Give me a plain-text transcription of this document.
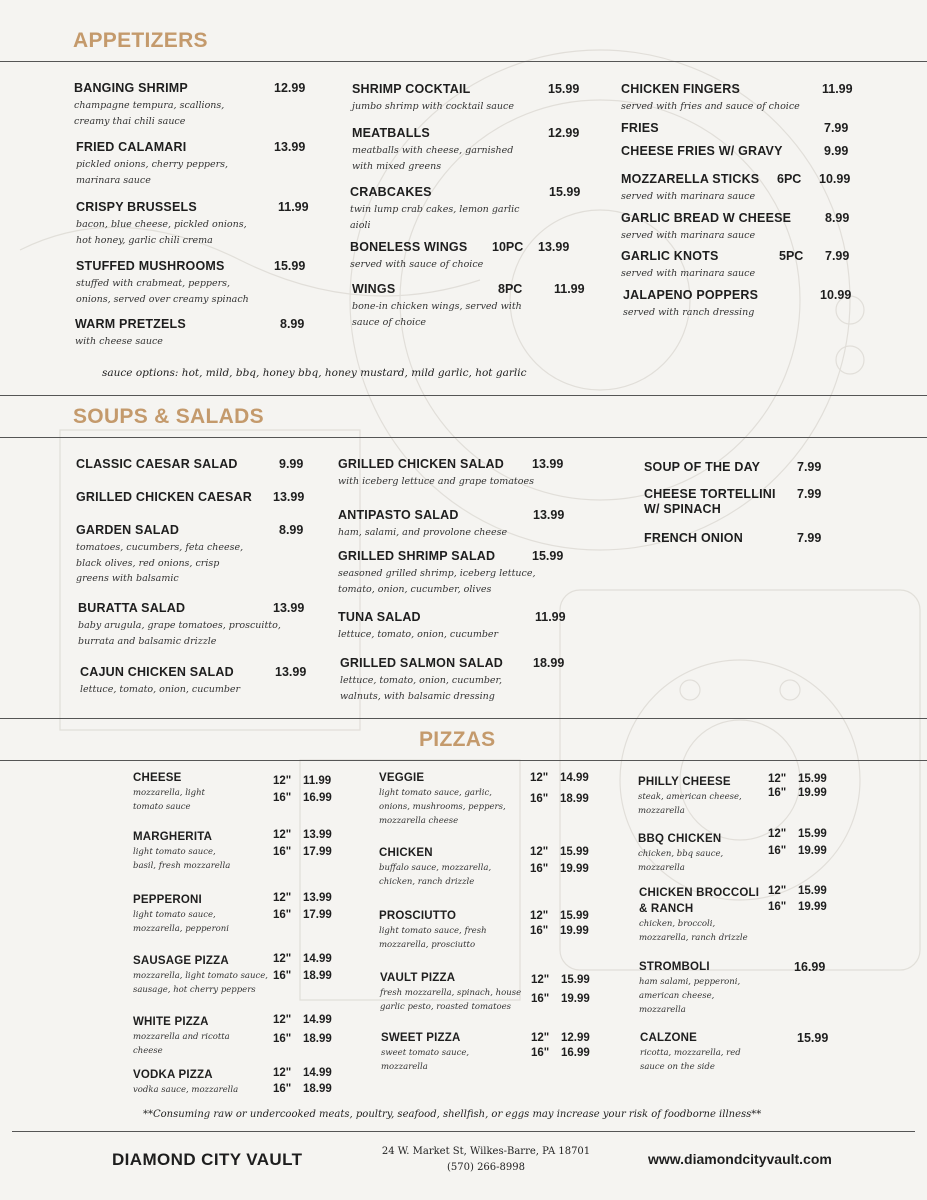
APPETIZERS
BANGING SHRIMP	12.99
champagne tempura, scallions,
creamy thai chili sauce
FRIED CALAMARI	13.99
pickled onions, cherry peppers,
marinara sauce
CRISPY BRUSSELS	11.99
bacon, blue cheese, pickled onions,
hot honey, garlic chili crema
STUFFED MUSHROOMS	15.99
stuffed with crabmeat, peppers,
onions, served over creamy spinach
WARM PRETZELS	8.99
with cheese sauce
SHRIMP COCKTAIL	15.99
jumbo shrimp with cocktail sauce
MEATBALLS	12.99
meatballs with cheese, garnished
with mixed greens
CRABCAKES	15.99
twin lump crab cakes, lemon garlic
aioli
BONELESS WINGS 10PC 13.99
served with sauce of choice
WINGS	8PC	11.99
bone-in chicken wings, served with
sauce of choice
CHICKEN FINGERS	11.99
served with fries and sauce of choice
FRIES	7.99
CHEESE FRIES W/ GRAVY	9.99
MOZZARELLA STICKS 6PC 10.99
served with marinara sauce
GARLIC BREAD W CHEESE	8.99
served with marinara sauce
GARLIC KNOTS	5PC 7.99
served with marinara sauce
JALAPENO POPPERS	10.99
served with ranch dressing
sauce options: hot, mild, bbq, honey bbq, honey mustard, mild garlic, hot garlic
SOUPS & SALADS
CLASSIC CAESAR SALAD	9.99
GRILLED CHICKEN CAESAR 13.99
GARDEN SALAD	8.99
tomatoes, cucumbers, feta cheese,
black olives, red onions, crisp
greens with balsamic
BURATTA SALAD	13.99
baby arugula, grape tomatoes, proscuitto,
burrata and balsamic drizzle
CAJUN CHICKEN SALAD	13.99
lettuce, tomato, onion, cucumber
GRILLED CHICKEN SALAD 13.99
with iceberg lettuce and grape tomatoes
ANTIPASTO SALAD	13.99
ham, salami, and provolone cheese
GRILLED SHRIMP SALAD	15.99
seasoned grilled shrimp, iceberg lettuce,
tomato, onion, cucumber, olives
TUNA SALAD	11.99
lettuce, tomato, onion, cucumber
GRILLED SALMON SALAD 18.99
lettuce, tomato, onion, cucumber,
walnuts, with balsamic dressing
SOUP OF THE DAY	7.99
CHEESE TORTELLINI W/ SPINACH
7.99
FRENCH ONION	7.99
PIZZAS
CHEESE
mozzarella, light
tomato sauce
12" 11.99
16" 16.99
MARGHERITA
light tomato sauce,
basil, fresh mozzarella
12" 13.99
16" 17.99
PEPPERONI
light tomato sauce,
mozzarella, pepperoni
12" 13.99
16" 17.99
SAUSAGE PIZZA
mozzarella, light tomato sauce,
sausage, hot cherry peppers
12" 14.99
16" 18.99
WHITE PIZZA
mozzarella and ricotta
cheese
12" 14.99
16" 18.99
VODKA PIZZA
vodka sauce, mozzarella
12" 14.99
16" 18.99
VEGGIE
light tomato sauce, garlic,
onions, mushrooms, peppers,
mozzarella cheese
12" 14.99
16" 18.99
CHICKEN
buffalo sauce, mozzarella,
chicken, ranch drizzle
12" 15.99
16" 19.99
PROSCIUTTO
light tomato sauce, fresh
mozzarella, prosciutto
12" 15.99
16" 19.99
VAULT PIZZA
fresh mozzarella, spinach, house
garlic pesto, roasted tomatoes
12" 15.99
16" 19.99
SWEET PIZZA
sweet tomato sauce,
mozzarella
12" 12.99
16" 16.99
PHILLY CHEESE
steak, american cheese,
mozzarella
12" 15.99
16" 19.99
BBQ CHICKEN
chicken, bbq sauce,
mozzarella
12" 15.99
16" 19.99
CHICKEN BROCCOLI
& RANCH
chicken, broccoli,
mozzarella, ranch drizzle
12" 15.99
16" 19.99
STROMBOLI	16.99
ham salami, pepperoni,
american cheese,
mozzarella
CALZONE	15.99
ricotta, mozzarella, red
sauce on the side
**Consuming raw or undercooked meats, poultry, seafood, shellfish, or eggs may increase your risk of foodborne illness**
DIAMOND CITY VAULT	24 W. Market St, Wilkes-Barre, PA 18701
(570) 266-8998
www.diamondcityvault.com
